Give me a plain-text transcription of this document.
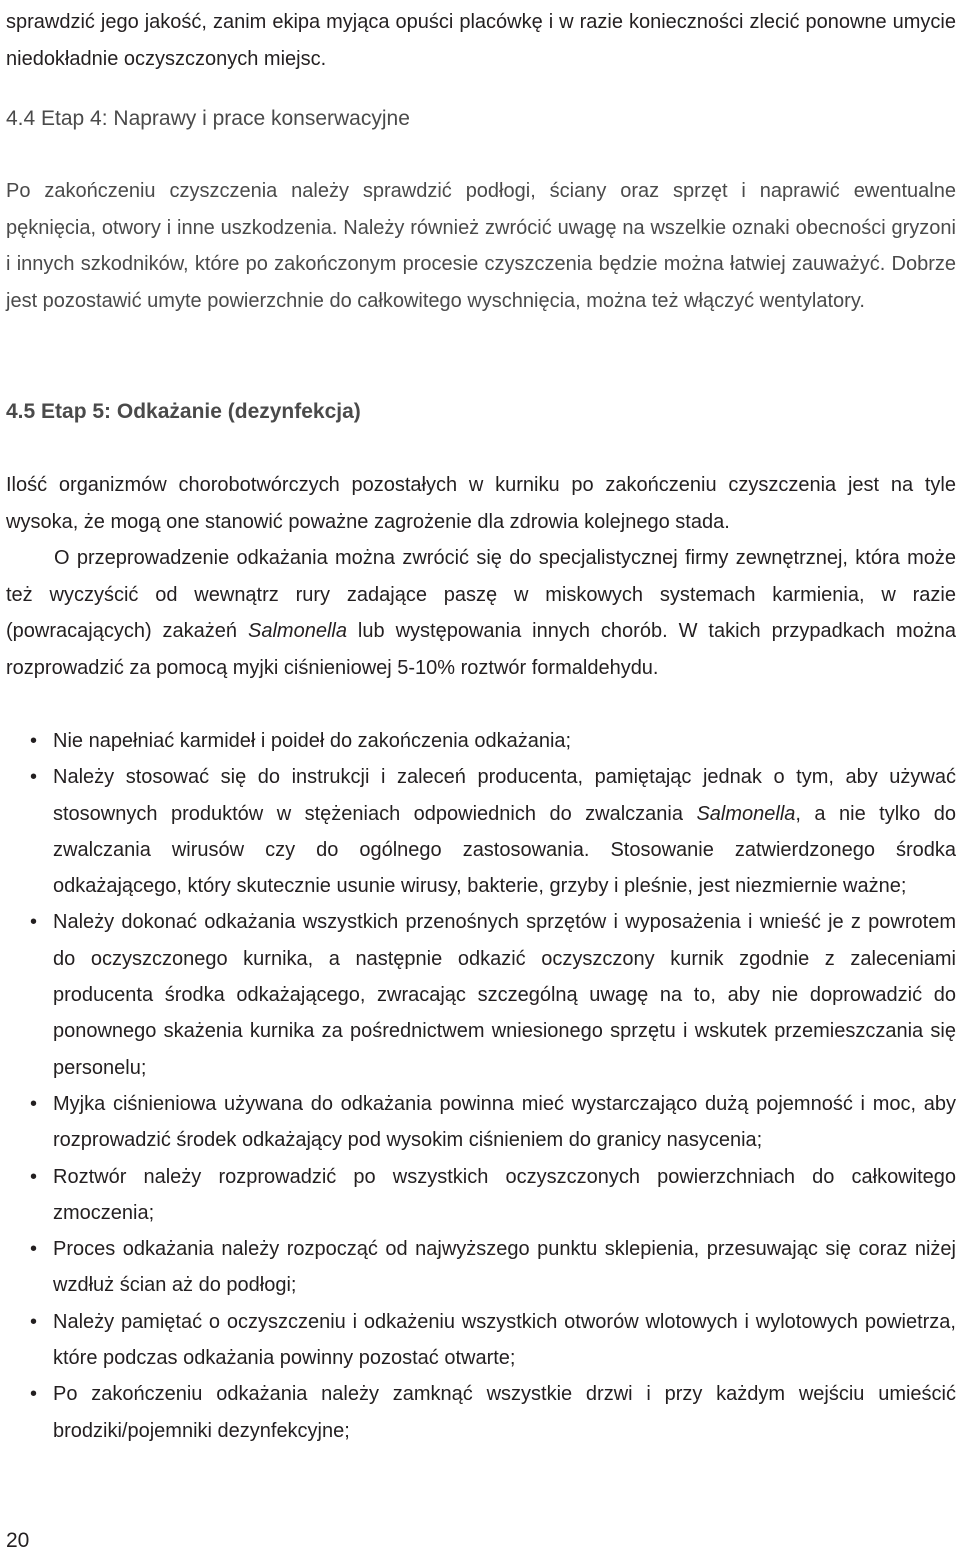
sprawdzić jego jakość, zanim ekipa myjąca opuści placówkę i w razie konieczności zlecić ponowne umycie niedokładnie oczyszczonych miejsc.

4.4 Etap 4: Naprawy i prace konserwacyjne

Po zakończeniu czyszczenia należy sprawdzić podłogi, ściany oraz sprzęt i naprawić ewentualne pęknięcia, otwory i inne uszkodzenia. Należy również zwrócić uwagę na wszelkie oznaki obecności gryzoni i innych szkodników, które po zakończonym procesie czyszczenia będzie można łatwiej zauważyć. Dobrze jest pozostawić umyte powierzchnie do całkowitego wyschnięcia, można też włączyć wentylatory.

4.5 Etap 5: Odkażanie (dezynfekcja)

Ilość organizmów chorobotwórczych pozostałych w kurniku po zakończeniu czyszczenia jest na tyle wysoka, że mogą one stanowić poważne zagrożenie dla zdrowia kolejnego stada.

O przeprowadzenie odkażania można zwrócić się do specjalistycznej firmy zewnętrznej, która może też wyczyścić od wewnątrz rury zadające paszę w miskowych systemach karmienia, w razie (powracających) zakażeń Salmonella lub występowania innych chorób. W takich przypadkach można rozprowadzić za pomocą myjki ciśnieniowej 5-10% roztwór formaldehydu.

• Nie napełniać karmideł i poideł do zakończenia odkażania;
• Należy stosować się do instrukcji i zaleceń producenta, pamiętając jednak o tym, aby używać stosownych produktów w stężeniach odpowiednich do zwalczania Salmonella, a nie tylko do zwalczania wirusów czy do ogólnego zastosowania. Stosowanie zatwierdzonego środka odkażającego, który skutecznie usunie wirusy, bakterie, grzyby i pleśnie, jest niezmiernie ważne;
• Należy dokonać odkażania wszystkich przenośnych sprzętów i wyposażenia i wnieść je z powrotem do oczyszczonego kurnika, a następnie odkazić oczyszczony kurnik zgodnie z zaleceniami producenta środka odkażającego, zwracając szczególną uwagę na to, aby nie doprowadzić do ponownego skażenia kurnika za pośrednictwem wniesionego sprzętu i wskutek przemieszczania się personelu;
• Myjka ciśnieniowa używana do odkażania powinna mieć wystarczająco dużą pojemność i moc, aby rozprowadzić środek odkażający pod wysokim ciśnieniem do granicy nasycenia;
• Roztwór należy rozprowadzić po wszystkich oczyszczonych powierzchniach do całkowitego zmoczenia;
• Proces odkażania należy rozpocząć od najwyższego punktu sklepienia, przesuwając się coraz niżej wzdłuż ścian aż do podłogi;
• Należy pamiętać o oczyszczeniu i odkażeniu wszystkich otworów wlotowych i wylotowych powietrza, które podczas odkażania powinny pozostać otwarte;
• Po zakończeniu odkażania należy zamknąć wszystkie drzwi i przy każdym wejściu umieścić brodziki/pojemniki dezynfekcyjne;
20
